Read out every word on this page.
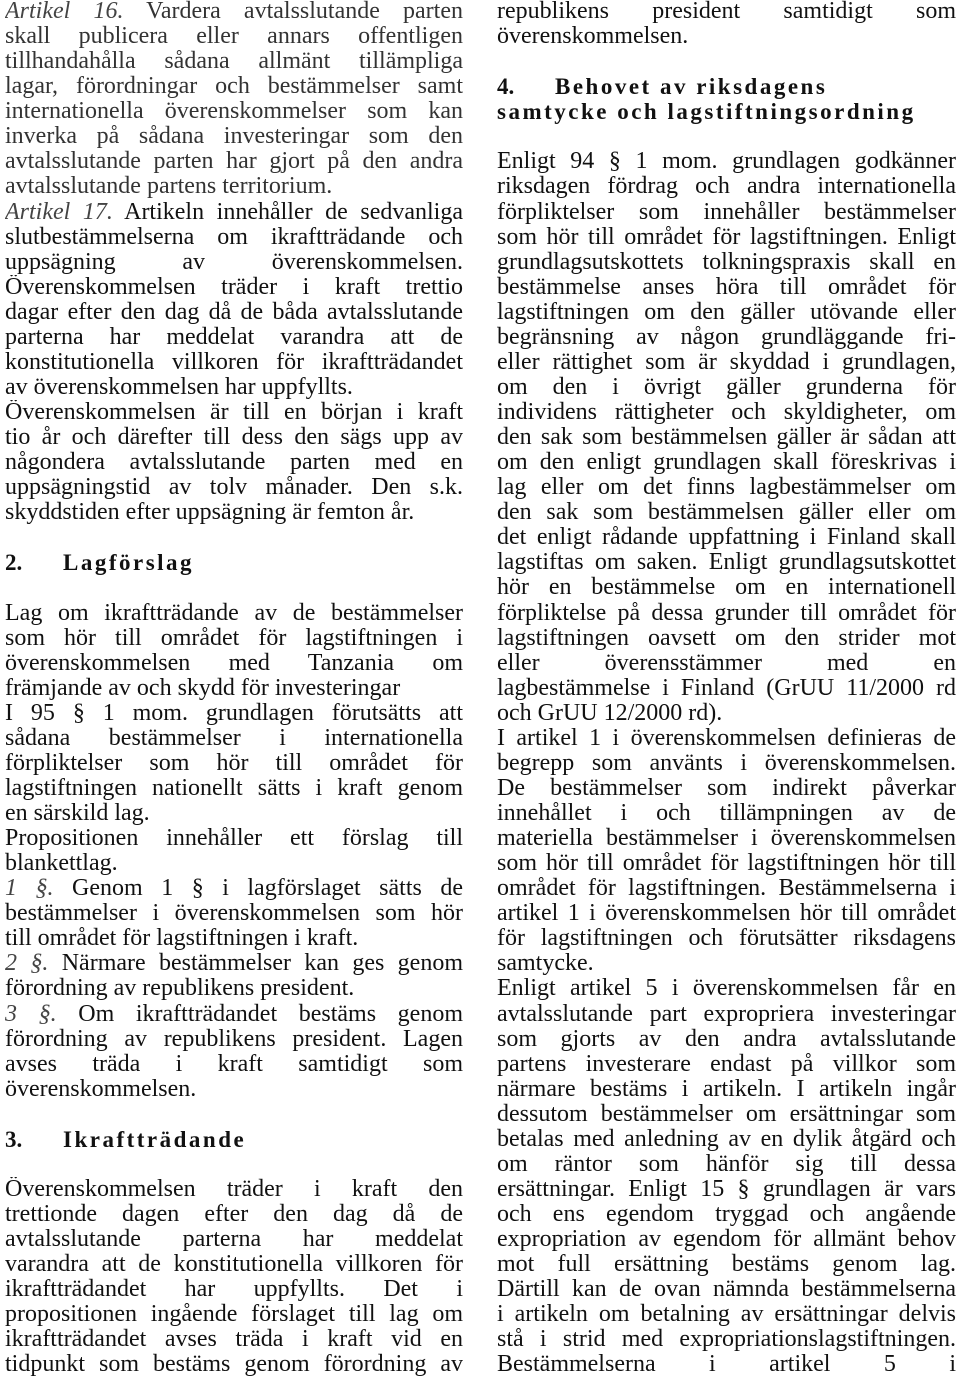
Artikel 16. Vardera avtalsslutande parten
skall publicera eller annars offentligen
tillhandahålla sådana allmänt tillämpliga
lagar, förordningar och bestämmelser samt
internationella överenskommelser som kan
inverka på sådana investeringar som den
avtalsslutande parten har gjort på den andra
avtalsslutande partens territorium.
Artikel 17. Artikeln innehåller de sedvanliga
slutbestämmelserna om ikraftträdande och
uppsägning av överenskommelsen.
Överenskommelsen träder i kraft trettio
dagar efter den dag då de båda avtalsslutande
parterna har meddelat varandra att de
konstitutionella villkoren för ikraftträdandet
av överenskommelsen har uppfyllts.
Överenskommelsen är till en början i kraft
tio år och därefter till dess den sägs upp av
någondera avtalsslutande parten med en
uppsägningstid av tolv månader. Den s.k.
skyddstiden efter uppsägning är femton år.
2. Lagförslag
Lag om ikraftträdande av de bestämmelser
som hör till området för lagstiftningen i
överenskommelsen med Tanzania om
främjande av och skydd för investeringar
I 95 § 1 mom. grundlagen förutsätts att
sådana bestämmelser i internationella
förpliktelser som hör till området för
lagstiftningen nationellt sätts i kraft genom
en särskild lag.
Propositionen innehåller ett förslag till
blankettlag.
1 §. Genom 1 § i lagförslaget sätts de
bestämmelser i överenskommelsen som hör
till området för lagstiftningen i kraft.
2 §. Närmare bestämmelser kan ges genom
förordning av republikens president.
3 §. Om ikraftträdandet bestäms genom
förordning av republikens president. Lagen
avses träda i kraft samtidigt som
överenskommelsen.
3. Ikraftträdande
Överenskommelsen träder i kraft den
trettionde dagen efter den dag då de
avtalsslutande parterna har meddelat
varandra att de konstitutionella villkoren för
ikraftträdandet har uppfyllts. Det i
propositionen ingående förslaget till lag om
ikraftträdandet avses träda i kraft vid en
tidpunkt som bestäms genom förordning av
republikens president samtidigt som
överenskommelsen.
4. Behovet av riksdagens
samtycke och lagstiftningsordning
Enligt 94 § 1 mom. grundlagen godkänner
riksdagen fördrag och andra internationella
förpliktelser som innehåller bestämmelser
som hör till området för lagstiftningen. Enligt
grundlagsutskottets tolkningspraxis skall en
bestämmelse anses höra till området för
lagstiftningen om den gäller utövande eller
begränsning av någon grundläggande fri-
eller rättighet som är skyddad i grundlagen,
om den i övrigt gäller grunderna för
individens rättigheter och skyldigheter, om
den sak som bestämmelsen gäller är sådan att
om den enligt grundlagen skall föreskrivas i
lag eller om det finns lagbestämmelser om
den sak som bestämmelsen gäller eller om
det enligt rådande uppfattning i Finland skall
lagstiftas om saken. Enligt grundlagsutskottet
hör en bestämmelse om en internationell
förpliktelse på dessa grunder till området för
lagstiftningen oavsett om den strider mot
eller överensstämmer med en
lagbestämmelse i Finland (GrUU 11/2000 rd
och GrUU 12/2000 rd).
I artikel 1 i överenskommelsen definieras de
begrepp som använts i överenskommelsen.
De bestämmelser som indirekt påverkar
innehållet i och tillämpningen av de
materiella bestämmelser i överenskommelsen
som hör till området för lagstiftningen hör till
området för lagstiftningen. Bestämmelserna i
artikel 1 i överenskommelsen hör till området
för lagstiftningen och förutsätter riksdagens
samtycke.
Enligt artikel 5 i överenskommelsen får en
avtalsslutande part expropriera investeringar
som gjorts av den andra avtalsslutande
partens investerare endast på villkor som
närmare bestäms i artikeln. I artikeln ingår
dessutom bestämmelser om ersättningar som
betalas med anledning av en dylik åtgärd och
om räntor som hänför sig till dessa
ersättningar. Enligt 15 § grundlagen är vars
och ens egendom tryggad och angående
expropriation av egendom för allmänt behov
mot full ersättning bestäms genom lag.
Därtill kan de ovan nämnda bestämmelserna
i artikeln om betalning av ersättningar delvis
stå i strid med expropriationslagstiftningen.
Bestämmelserna i artikel 5 i
